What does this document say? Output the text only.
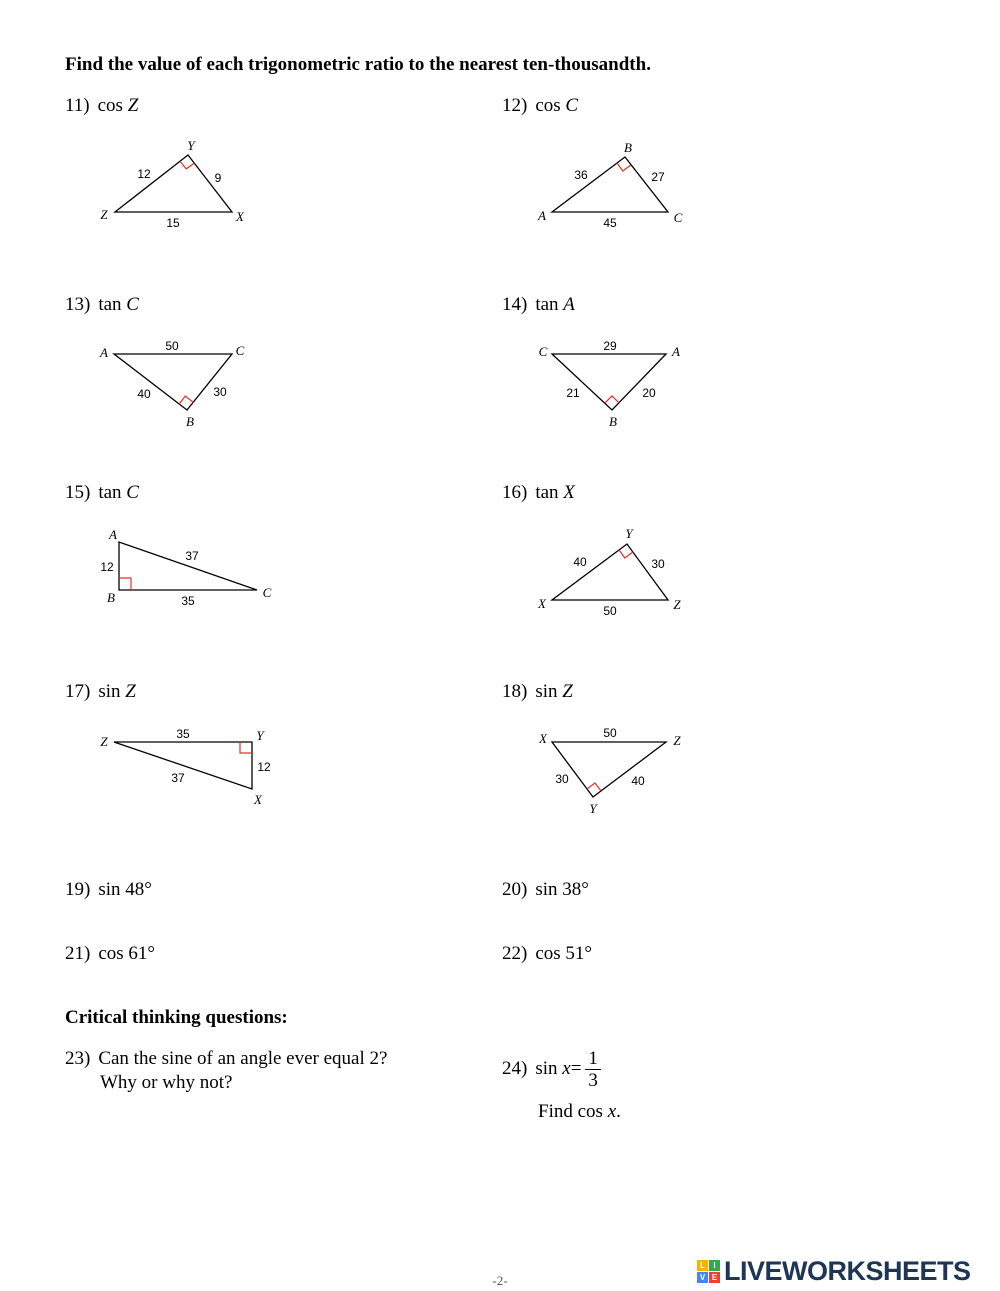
Find the value of each trigonometric ratio to the nearest ten-thousandth.
11) cos Z	12) cos C
13) tan C	14) tan A
15) tan C	16) tan X
17) sin Z	18) sin Z
19) sin 48°	20) sin 38°
21) cos 61°	22) cos 51°
Y
Z	X
12	9
15
B
A	C
36	27
45
A	C
B
50
40	30
C	A
B
29
21	20
A
B	C
12
37
35
Y
X	Z
40	30
50
Z	Y
X
35
12
37
X	Z
Y
50
30	40
Critical thinking questions:
23) Can the sine of an angle ever equal 2?
Why or why not?
24) $\sin x= \frac{1}{3}$
Find cos x.
-2-
L	I
V E LIVEWORKSHEETS
